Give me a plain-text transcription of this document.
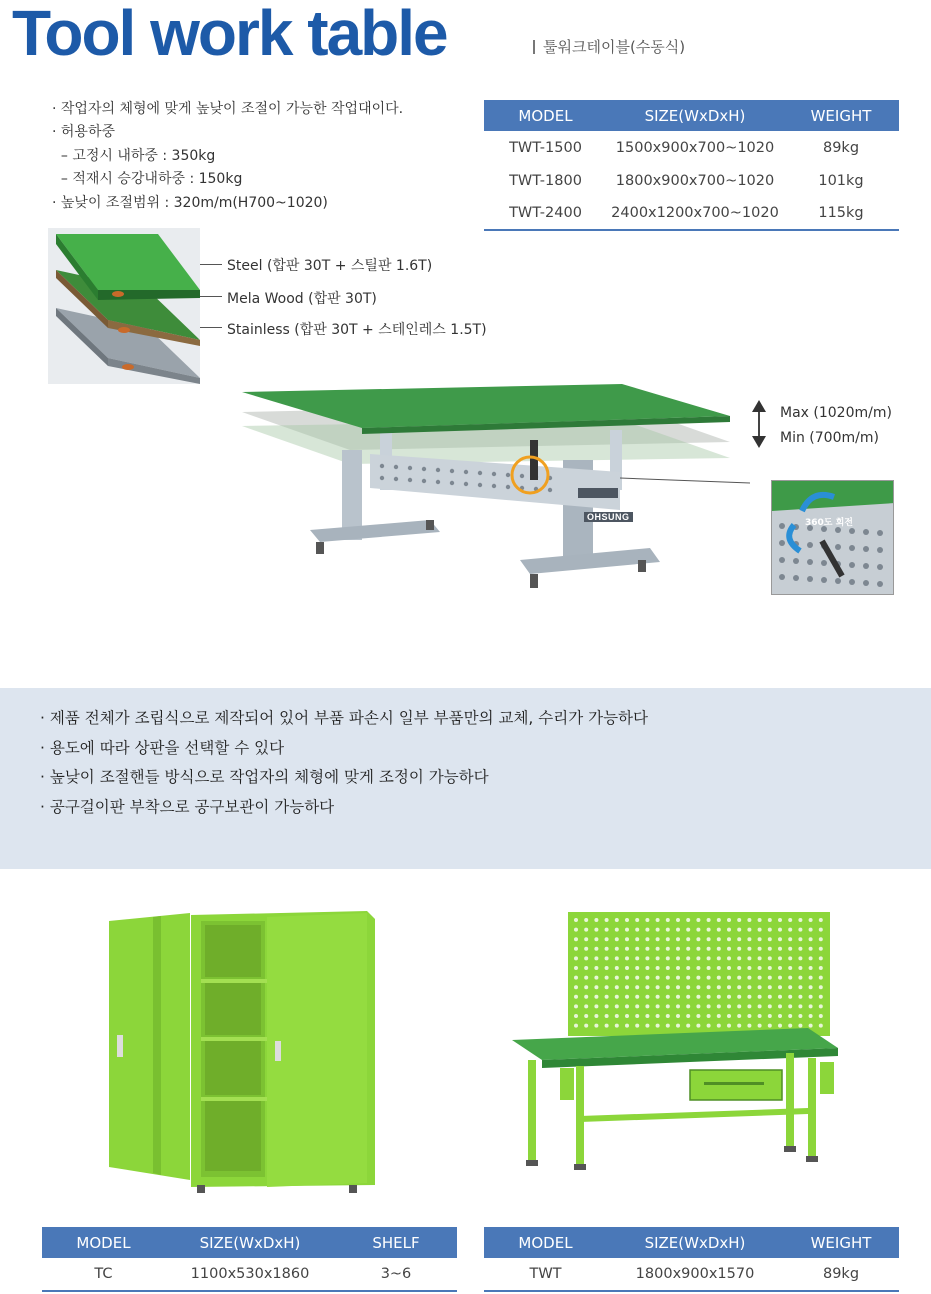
Tool work table	툴워크테이블(수동식)
· 작업자의 체형에 맞게 높낮이 조절이 가능한 작업대이다.
· 허용하중
– 고정시 내하중 : 350kg
– 적재시 승강내하중 : 150kg
· 높낮이 조절범위 : 320m/m(H700~1020)
MODEL	SIZE(WxDxH)	WEIGHT
TWT-1500	1500x900x700~1020	89kg
TWT-1800	1800x900x700~1020	101kg
TWT-2400	2400x1200x700~1020	115kg
Steel (합판 30T + 스틸판 1.6T)
Mela Wood (합판 30T)
Stainless (합판 30T + 스테인레스 1.5T)
OHSUNG
Max (1020m/m)
Min (700m/m)
360도 회전
· 제품 전체가 조립식으로 제작되어 있어 부품 파손시 일부 부품만의 교체, 수리가 가능하다
· 용도에 따라 상판을 선택할 수 있다
· 높낮이 조절핸들 방식으로 작업자의 체형에 맞게 조정이 가능하다
· 공구걸이판 부착으로 공구보관이 가능하다
MODEL	SIZE(WxDxH)	SHELF
TC	1100x530x1860	3~6
MODEL	SIZE(WxDxH)	WEIGHT
TWT	1800x900x1570	89kg
